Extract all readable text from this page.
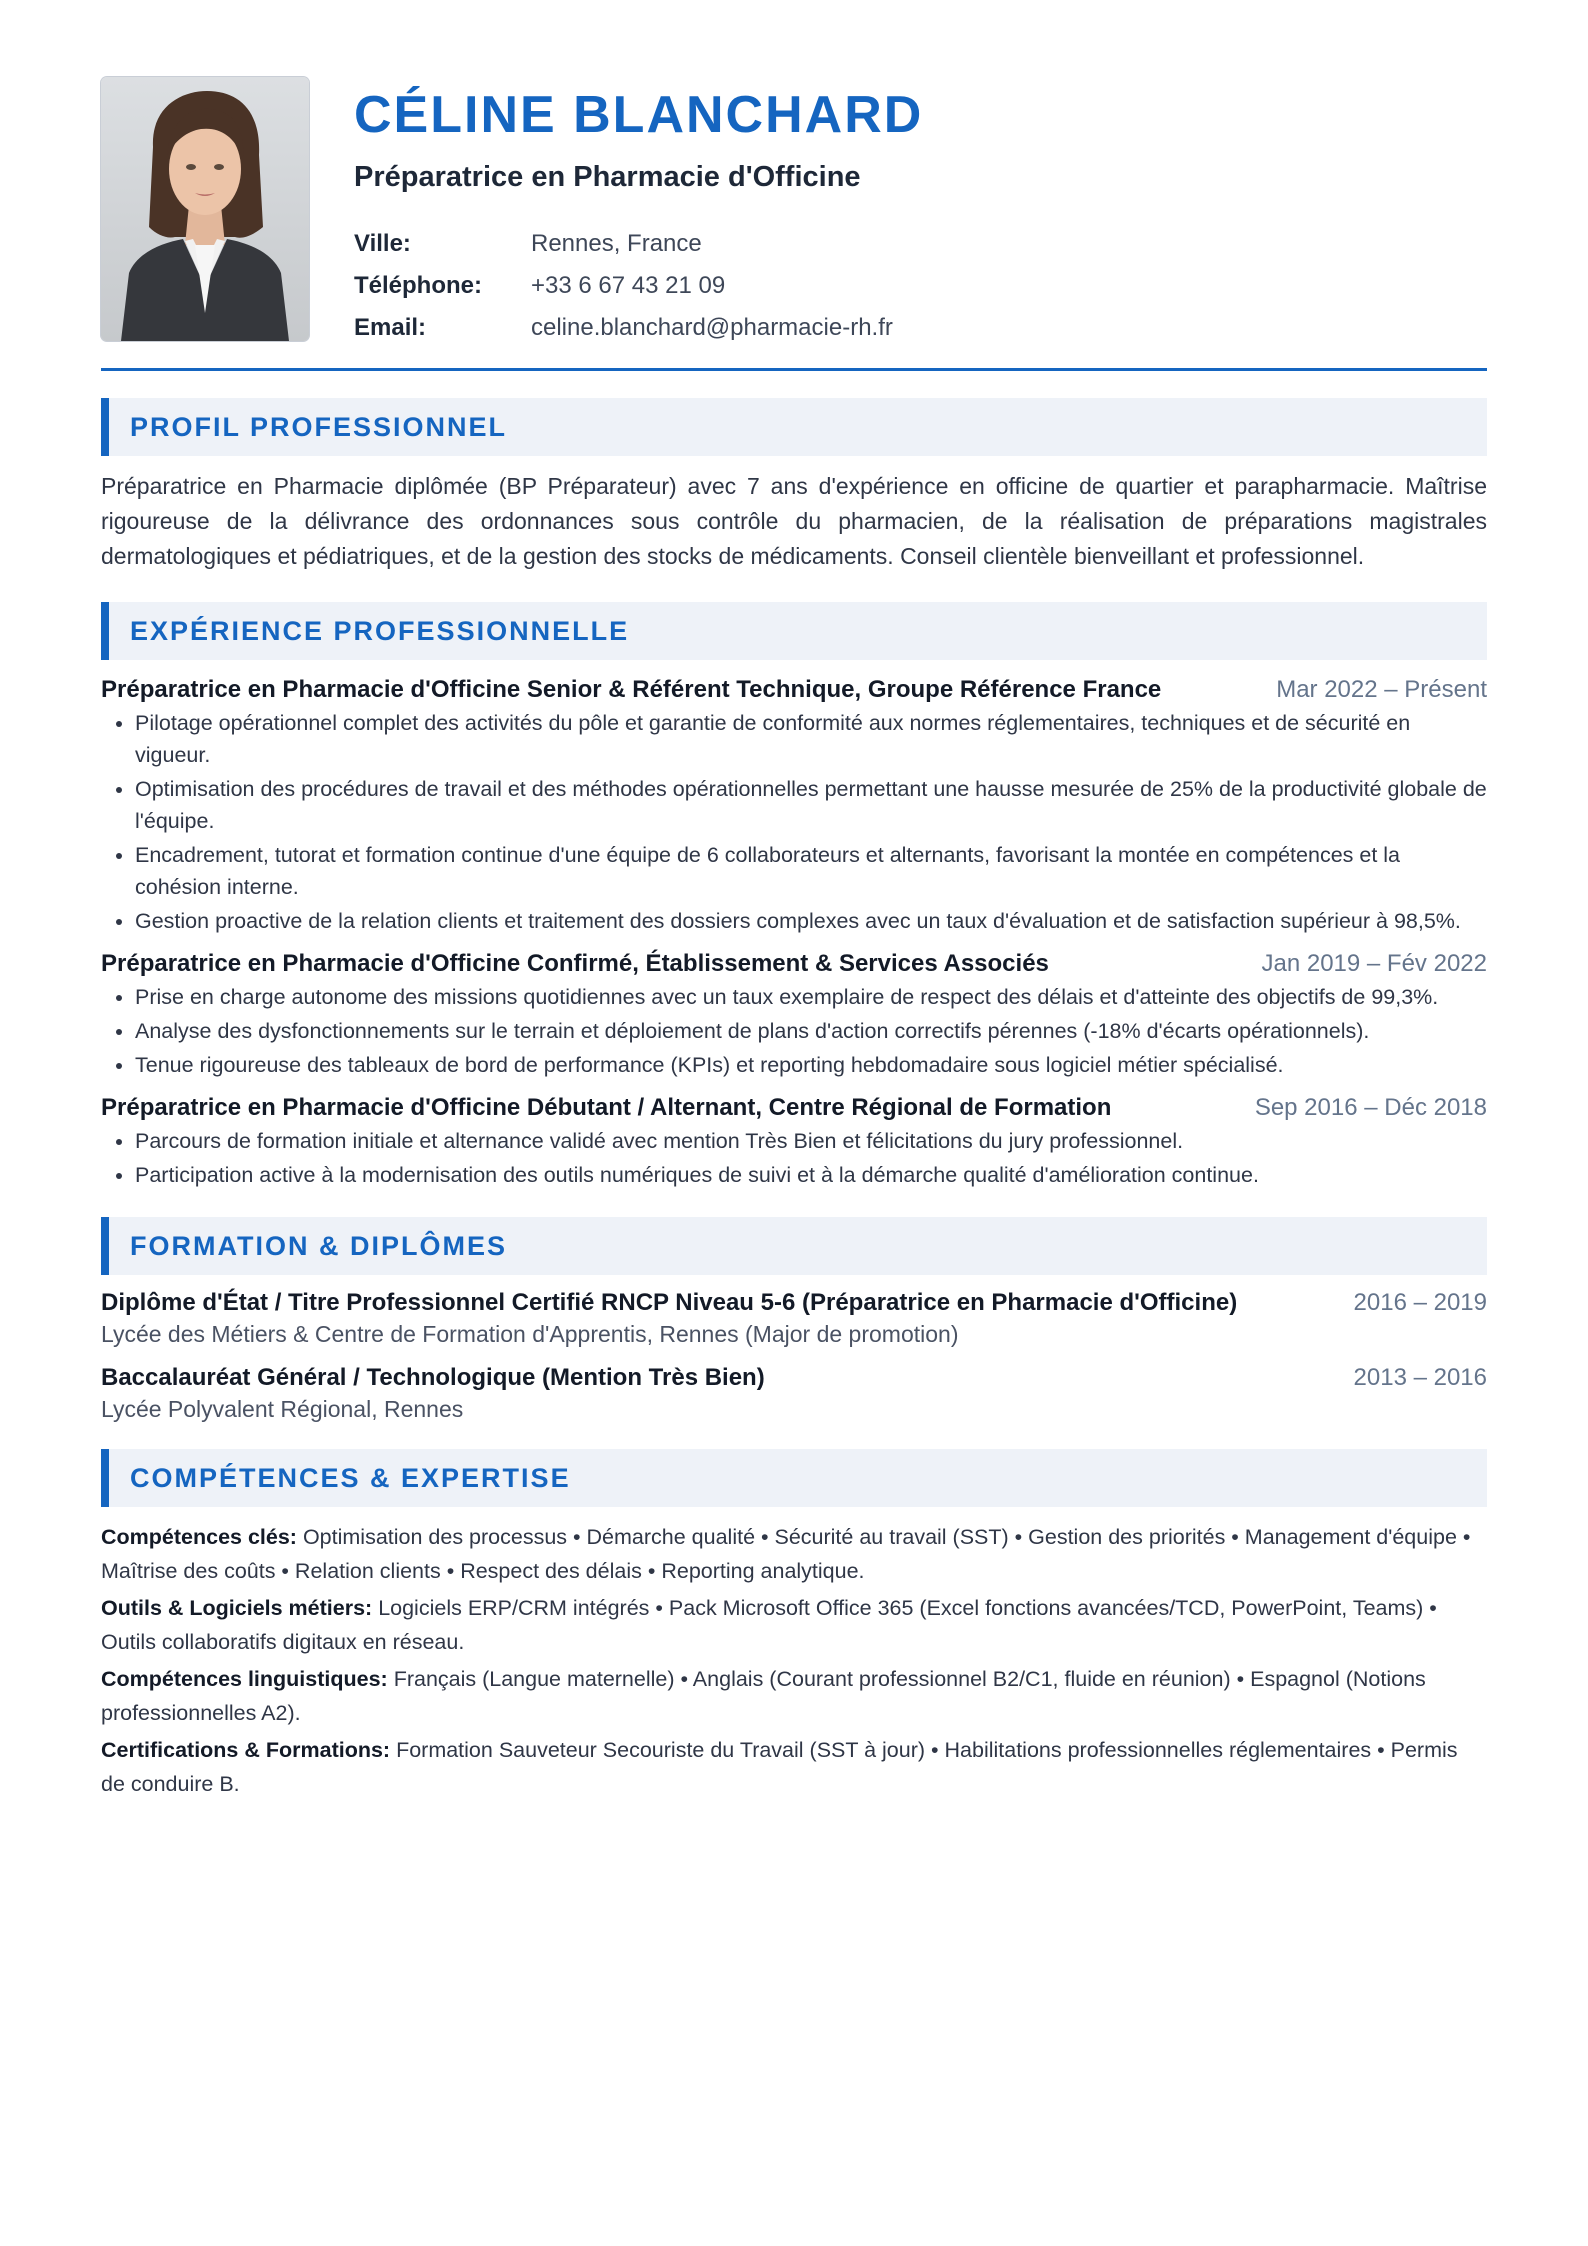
CÉLINE BLANCHARD
Préparatrice en Pharmacie d'Officine
Ville:	Rennes, France
Téléphone:	+33 6 67 43 21 09
Email:	celine.blanchard@pharmacie-rh.fr
PROFIL PROFESSIONNEL

Préparatrice en Pharmacie diplômée (BP Préparateur) avec 7 ans d'expérience en officine de quartier et parapharmacie. Maîtrise rigoureuse de la délivrance des ordonnances sous contrôle du pharmacien, de la réalisation de préparations magistrales dermatologiques et pédiatriques, et de la gestion des stocks de médicaments. Conseil clientèle bienveillant et professionnel.

EXPÉRIENCE PROFESSIONNELLE
Préparatrice en Pharmacie d'Officine Senior & Référent Technique, Groupe Référence France	Mar 2022 – Présent
• Pilotage opérationnel complet des activités du pôle et garantie de conformité aux normes réglementaires, techniques et de sécurité en vigueur.
• Optimisation des procédures de travail et des méthodes opérationnelles permettant une hausse mesurée de 25% de la productivité globale de l'équipe.
• Encadrement, tutorat et formation continue d'une équipe de 6 collaborateurs et alternants, favorisant la montée en compétences et la cohésion interne.
• Gestion proactive de la relation clients et traitement des dossiers complexes avec un taux d'évaluation et de satisfaction supérieur à 98,5%.
Préparatrice en Pharmacie d'Officine Confirmé, Établissement & Services Associés	Jan 2019 – Fév 2022
• Prise en charge autonome des missions quotidiennes avec un taux exemplaire de respect des délais et d'atteinte des objectifs de 99,3%.
• Analyse des dysfonctionnements sur le terrain et déploiement de plans d'action correctifs pérennes (-18% d'écarts opérationnels).
• Tenue rigoureuse des tableaux de bord de performance (KPIs) et reporting hebdomadaire sous logiciel métier spécialisé.
Préparatrice en Pharmacie d'Officine Débutant / Alternant, Centre Régional de Formation	Sep 2016 – Déc 2018
• Parcours de formation initiale et alternance validé avec mention Très Bien et félicitations du jury professionnel.
• Participation active à la modernisation des outils numériques de suivi et à la démarche qualité d'amélioration continue.
FORMATION & DIPLÔMES
Diplôme d'État / Titre Professionnel Certifié RNCP Niveau 5-6 (Préparatrice en Pharmacie d'Officine)	2016 – 2019
Lycée des Métiers & Centre de Formation d'Apprentis, Rennes (Major de promotion)
Baccalauréat Général / Technologique (Mention Très Bien)	2013 – 2016
Lycée Polyvalent Régional, Rennes
COMPÉTENCES & EXPERTISE
Compétences clés: Optimisation des processus • Démarche qualité • Sécurité au travail (SST) • Gestion des priorités • Management d'équipe • Maîtrise des coûts • Relation clients • Respect des délais • Reporting analytique.
Outils & Logiciels métiers: Logiciels ERP/CRM intégrés • Pack Microsoft Office 365 (Excel fonctions avancées/TCD, PowerPoint, Teams) • Outils collaboratifs digitaux en réseau.
Compétences linguistiques: Français (Langue maternelle) • Anglais (Courant professionnel B2/C1, fluide en réunion) • Espagnol (Notions professionnelles A2).
Certifications & Formations: Formation Sauveteur Secouriste du Travail (SST à jour) • Habilitations professionnelles réglementaires • Permis de conduire B.
